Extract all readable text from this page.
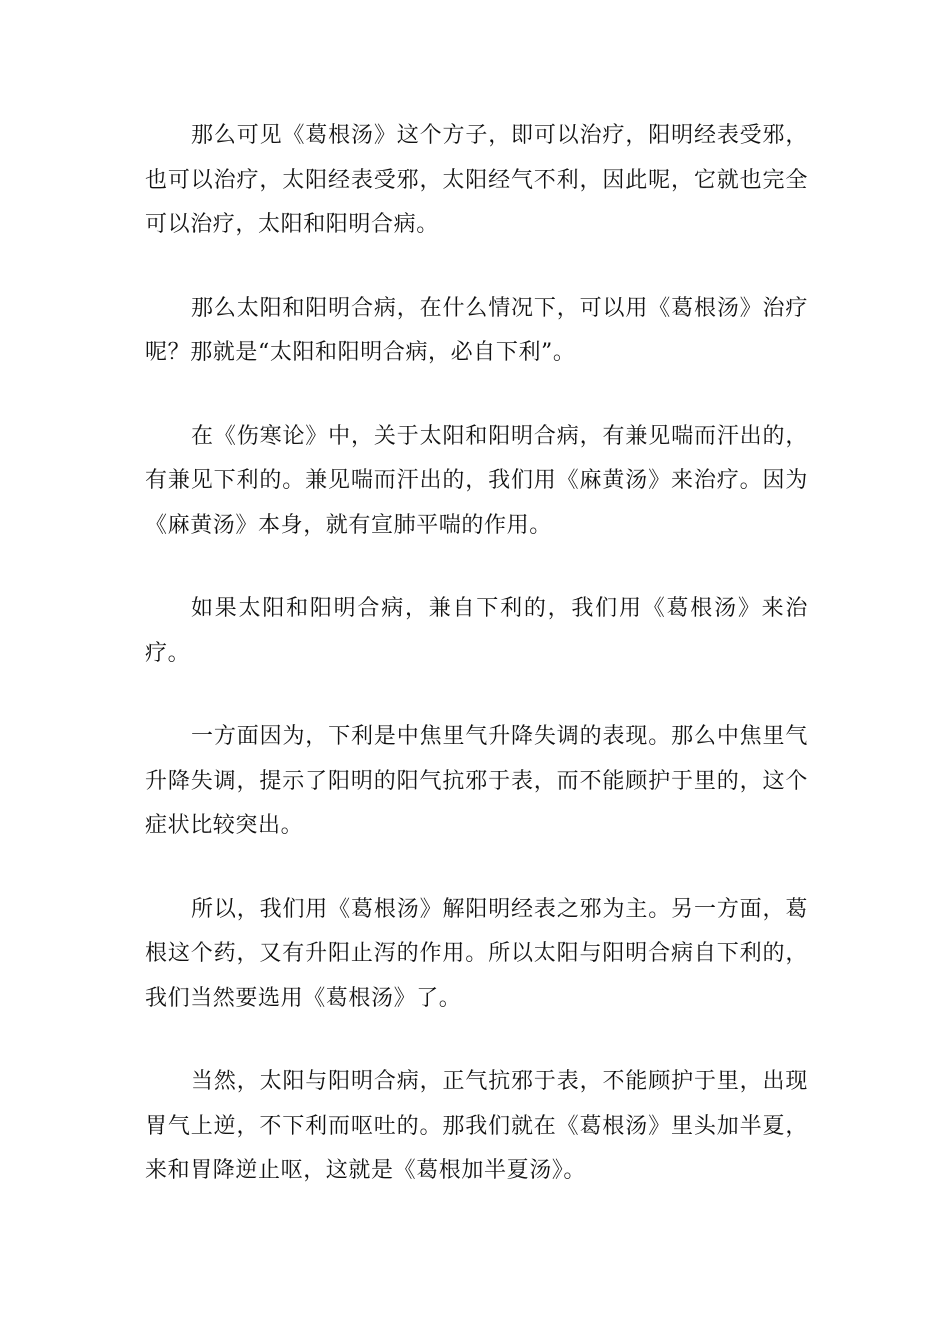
那么可见《葛根汤》这个方子，即可以治疗，阳明经表受邪，也可以治疗，太阳经表受邪，太阳经气不利，因此呢，它就也完全可以治疗，太阳和阳明合病。

那么太阳和阳明合病，在什么情况下，可以用《葛根汤》治疗呢？那就是“太阳和阳明合病，必自下利”。

在《伤寒论》中，关于太阳和阳明合病，有兼见喘而汗出的，有兼见下利的。兼见喘而汗出的，我们用《麻黄汤》来治疗。因为《麻黄汤》本身，就有宣肺平喘的作用。

如果太阳和阳明合病，兼自下利的，我们用《葛根汤》来治疗。

一方面因为，下利是中焦里气升降失调的表现。那么中焦里气升降失调，提示了阳明的阳气抗邪于表，而不能顾护于里的，这个症状比较突出。

所以，我们用《葛根汤》解阳明经表之邪为主。另一方面，葛根这个药，又有升阳止泻的作用。所以太阳与阳明合病自下利的，我们当然要选用《葛根汤》了。

当然，太阳与阳明合病，正气抗邪于表，不能顾护于里，出现胃气上逆，不下利而呕吐的。那我们就在《葛根汤》里头加半夏，来和胃降逆止呕，这就是《葛根加半夏汤》。
